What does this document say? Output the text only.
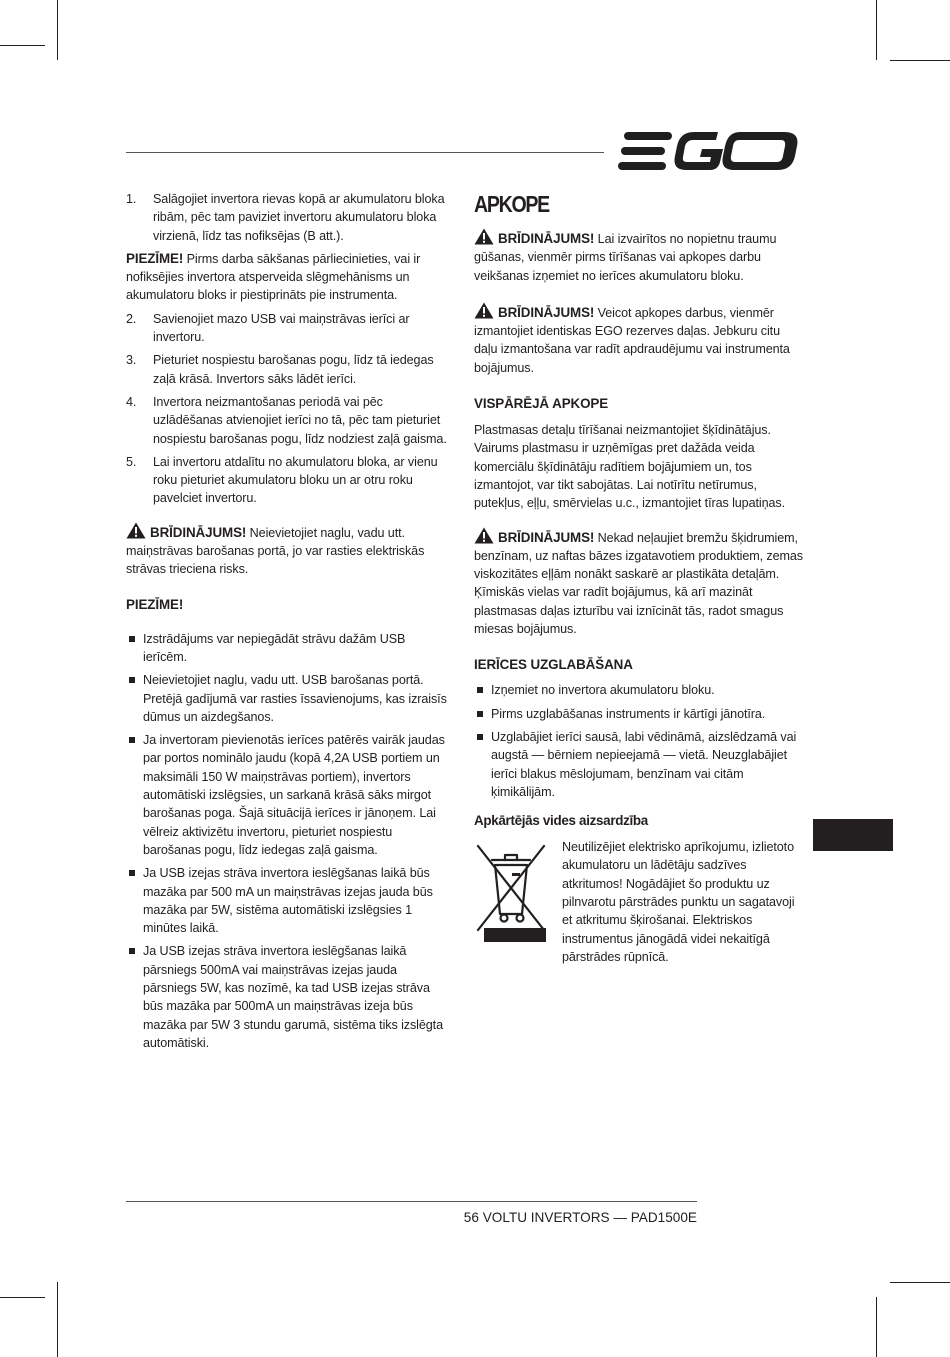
1. Salāgojiet invertora rievas kopā ar akumulatoru bloka ribām, pēc tam paviziet invertoru akumulatoru bloka virzienā, līdz tas nofiksējas (B att.).

PIEZĪME! Pirms darba sākšanas pārliecinieties, vai ir nofiksējies invertora atsperveida slēgmehānisms un akumulatoru bloks ir piestiprināts pie instrumenta.

2. Savienojiet mazo USB vai maiņstrāvas ierīci ar invertoru.
3. Pieturiet nospiestu barošanas pogu, līdz tā iedegas zaļā krāsā. Invertors sāks lādēt ierīci.
4. Invertora neizmantošanas periodā vai pēc uzlādēšanas atvienojiet ierīci no tā, pēc tam pieturiet nospiestu barošanas pogu, līdz nodziest zaļā gaisma.
5. Lai invertoru atdalītu no akumulatoru bloka, ar vienu roku pieturiet akumulatoru bloku un ar otru roku pavelciet invertoru.

BRĪDINĀJUMS! Neievietojiet naglu, vadu utt. maiņstrāvas barošanas portā, jo var rasties elektriskās strāvas trieciena risks.

PIEZĪME!
Izstrādājums var nepiegādāt strāvu dažām USB ierīcēm.
Neievietojiet naglu, vadu utt. USB barošanas portā. Pretējā gadījumā var rasties īssavienojums, kas izraisīs dūmus un aizdegšanos.
Ja invertoram pievienotās ierīces patērēs vairāk jaudas par portos nominālo jaudu (kopā 4,2A USB portiem un maksimāli 150 W maiņstrāvas portiem), invertors automātiski izslēgsies, un sarkanā krāsā sāks mirgot barošanas poga. Šajā situācijā ierīces ir jānoņem. Lai vēlreiz aktivizētu invertoru, pieturiet nospiestu barošanas pogu, līdz iedegas zaļā gaisma.
Ja USB izejas strāva invertora ieslēgšanas laikā būs mazāka par 500 mA un maiņstrāvas izejas jauda būs mazāka par 5W, sistēma automātiski izslēgsies 1 minūtes laikā.
Ja USB izejas strāva invertora ieslēgšanas laikā pārsniegs 500mA vai maiņstrāvas izejas jauda pārsniegs 5W, kas nozīmē, ka tad USB izejas strāva būs mazāka par 500mA un maiņstrāvas izeja būs mazāka par 5W 3 stundu garumā, sistēma tiks izslēgta automātiski.
APKOPE

BRĪDINĀJUMS! Lai izvairītos no nopietnu traumu gūšanas, vienmēr pirms tīrīšanas vai apkopes darbu veikšanas izņemiet no ierīces akumulatoru bloku.

BRĪDINĀJUMS! Veicot apkopes darbus, vienmēr izmantojiet identiskas EGO rezerves daļas. Jebkuru citu daļu izmantošana var radīt apdraudējumu vai instrumenta bojājumus.

VISPĀRĒJĀ APKOPE

Plastmasas detaļu tīrīšanai neizmantojiet šķīdinātājus. Vairums plastmasu ir uzņēmīgas pret dažāda veida komerciālu šķīdinātāju radītiem bojājumiem un, tos izmantojot, var tikt sabojātas. Lai notīrītu netīrumus, putekļus, eļļu, smērvielas u.c., izmantojiet tīras lupatiņas.

BRĪDINĀJUMS! Nekad neļaujiet bremžu šķidrumiem, benzīnam, uz naftas bāzes izgatavotiem produktiem, zemas viskozitātes eļļām nonākt saskarē ar plastikāta detaļām. Ķīmiskās vielas var radīt bojājumus, kā arī mazināt plastmasas daļas izturību vai iznīcināt tās, radot smagus miesas bojājumus.

IERĪCES UZGLABĀŠANA
Izņemiet no invertora akumulatoru bloku.
Pirms uzglabāšanas instruments ir kārtīgi jānotīra.
Uzglabājiet ierīci sausā, labi vēdināmā, aizslēdzamā vai augstā — bērniem nepieejamā — vietā. Neuzglabājiet ierīci blakus mēslojumam, benzīnam vai citām ķimikālijām.
Apkārtējās vides aizsardzība

Neutilizējiet elektrisko aprīkojumu, izlietoto akumulatoru un lādētāju sadzīves atkritumos! Nogādājiet šo produktu uz pilnvarotu pārstrādes punktu un sagatavoji et atkritumu šķirošanai. Elektriskos instrumentus jānogādā videi nekaitīgā pārstrādes rūpnīcā.

56 VOLTU INVERTORS — PAD1500E
